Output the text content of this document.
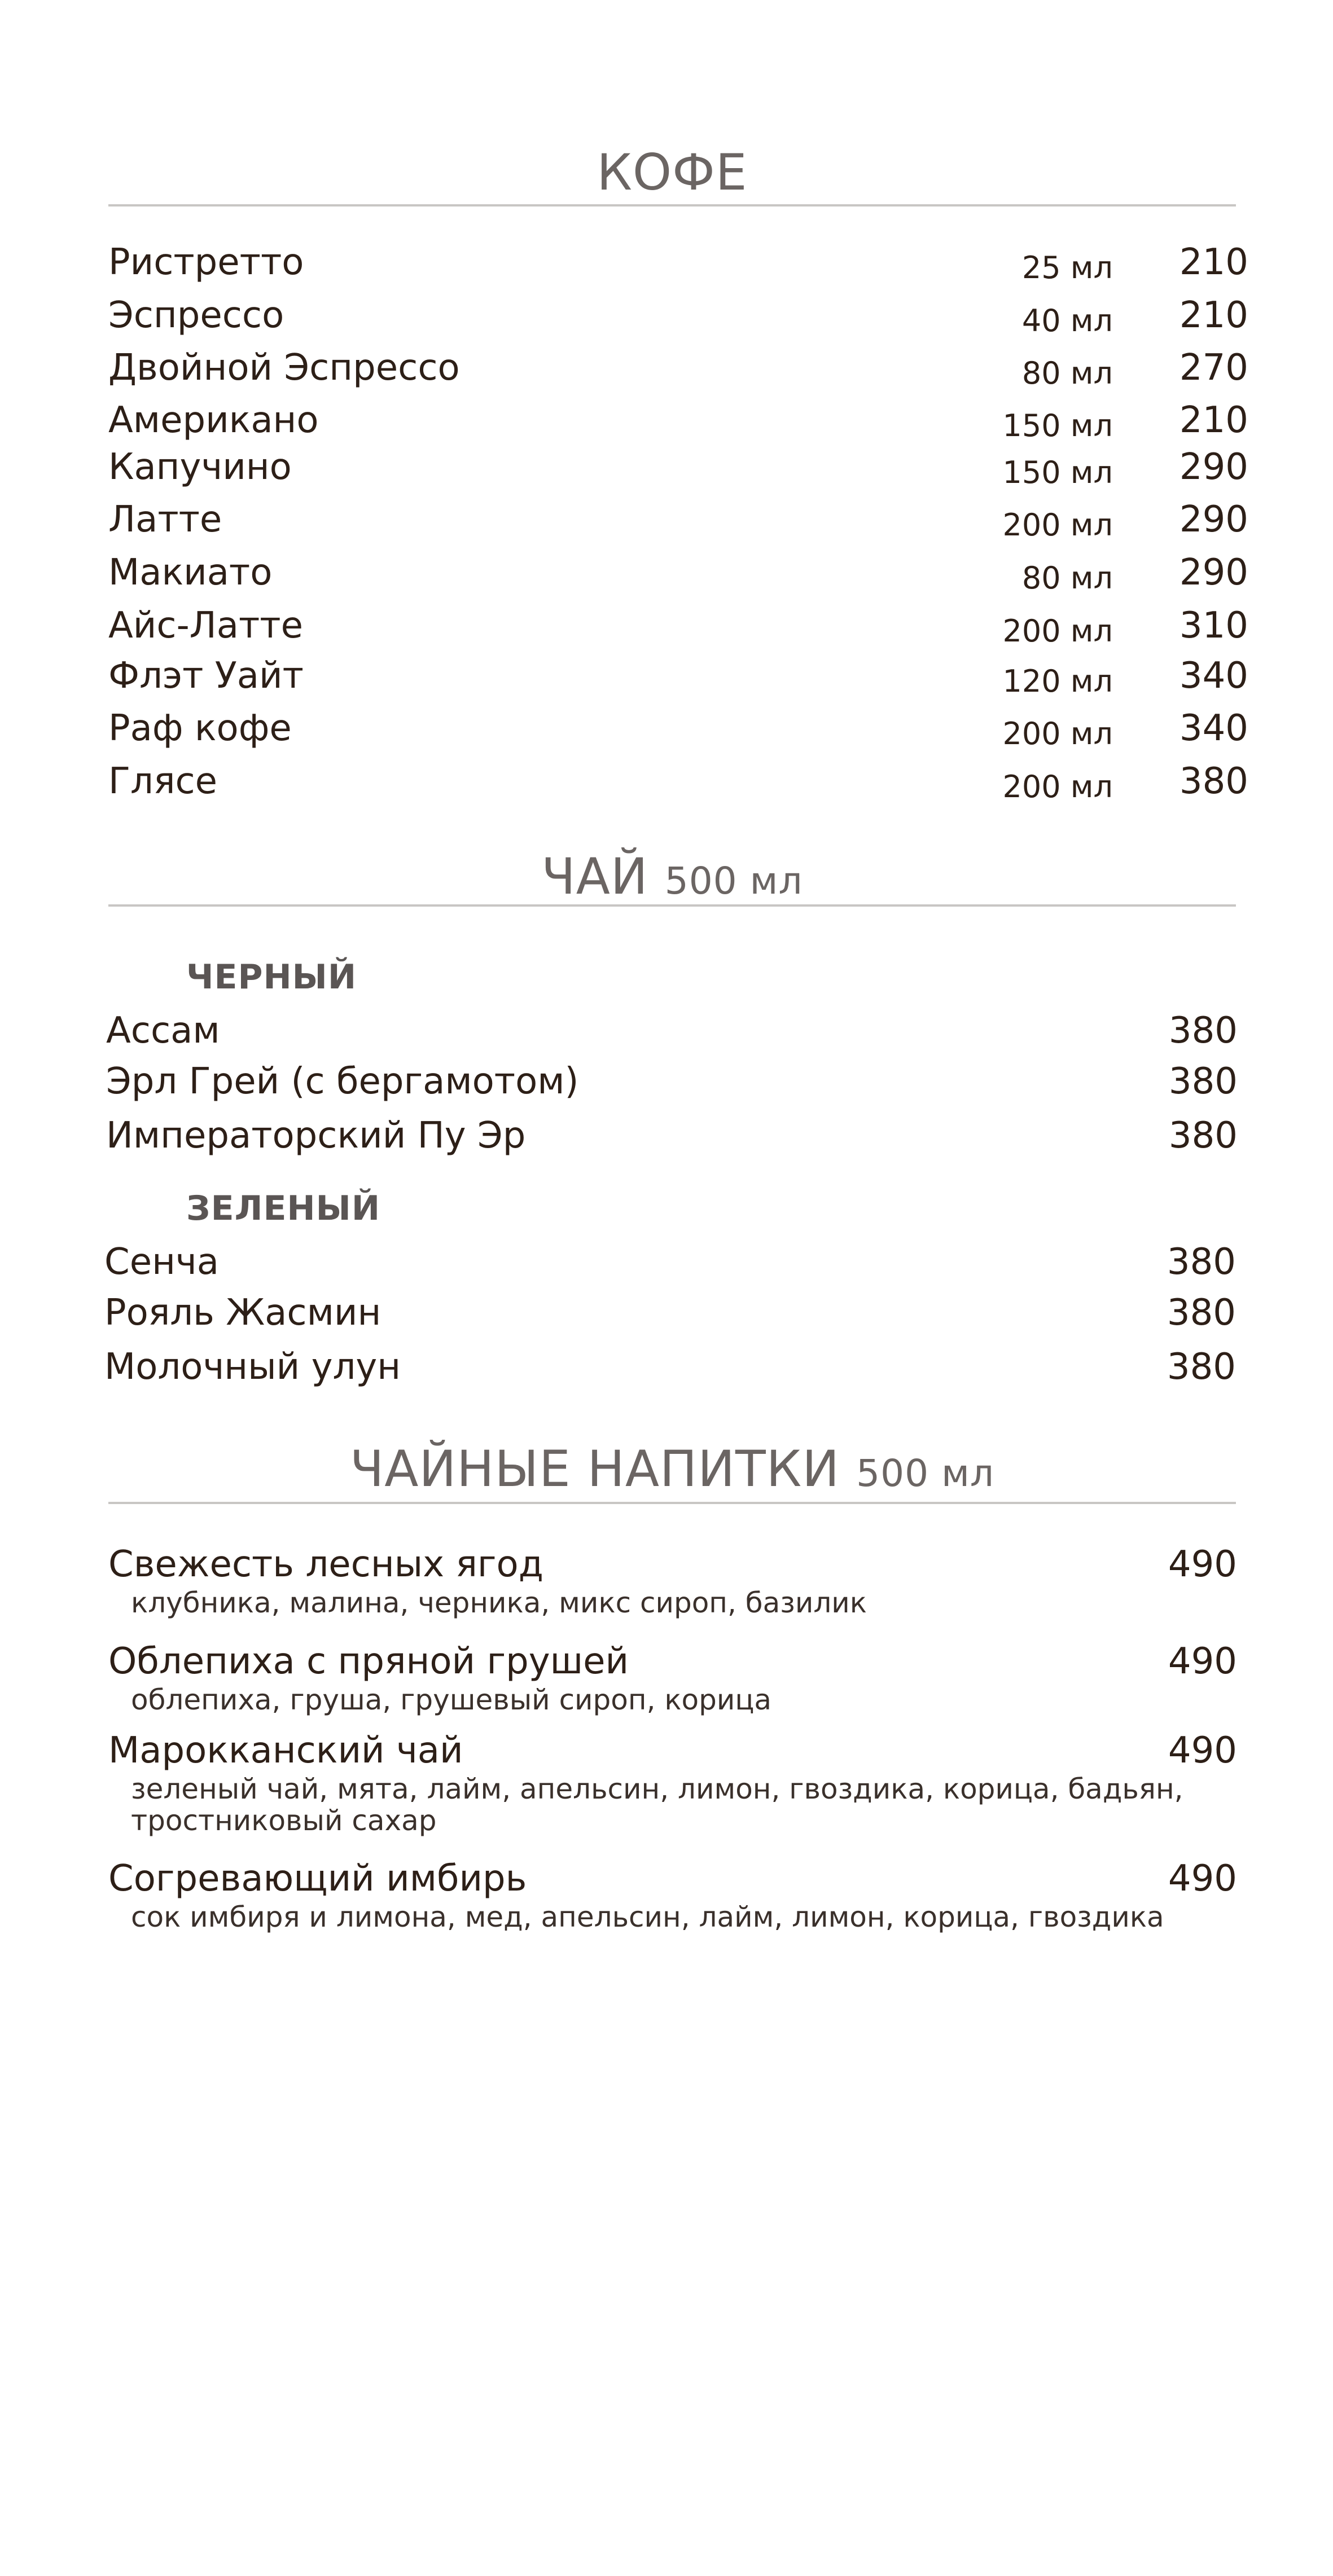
КОФЕ
Ристретто	25 мл	210
Эспрессо	40 мл	210
Двойной Эспрессо	80 мл	270
Американо	150 мл	210
Капучино	150 мл	290
Латте	200 мл	290
Макиато	80 мл	290
Айс-Латте	200 мл	310
Флэт Уайт	120 мл	340
Раф кофе	200 мл	340
Глясе	200 мл	380
ЧАЙ 500 мл
ЧЕРНЫЙ
Ассам	380
Эрл Грей (с бергамотом)	380
Императорский Пу Эр	380
ЗЕЛЕНЫЙ
Сенча	380
Рояль Жасмин	380
Молочный улун	380
ЧАЙНЫЕ НАПИТКИ 500 мл
Свежесть лесных ягод	490
клубника, малина, черника, микс сироп, базилик
Облепиха с пряной грушей	490
облепиха, груша, грушевый сироп, корица
Марокканский чай	490
зеленый чай, мята, лайм, апельсин, лимон, гвоздика, корица, бадьян, тростниковый сахар
Согревающий имбирь	490
сок имбиря и лимона, мед, апельсин, лайм, лимон, корица, гвоздика
